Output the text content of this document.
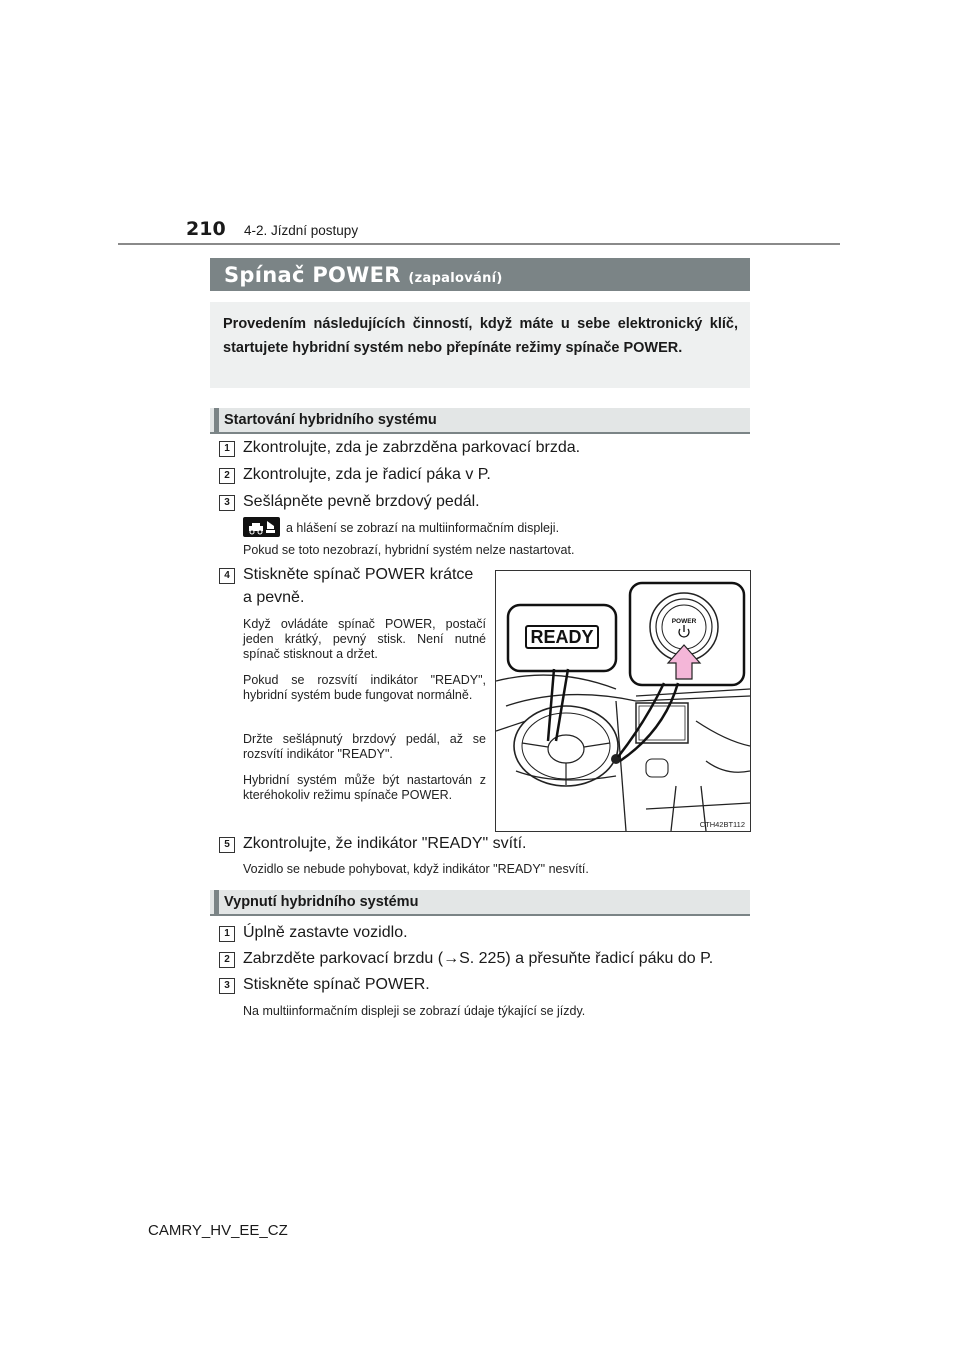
210 4-2. Jízdní postupy
Spínač POWER (zapalování)

Provedením následujících činností, když máte u sebe elektronický klíč, startujete hybridní systém nebo přepínáte režimy spínače POWER.

Startování hybridního systému
1 Zkontrolujte, zda je zabrzděna parkovací brzda.
2 Zkontrolujte, zda je řadicí páka v P.
3 Sešlápněte pevně brzdový pedál.
a hlášení se zobrazí na multiinformačním displeji.
Pokud se toto nezobrazí, hybridní systém nelze nastartovat.
4 Stiskněte spínač POWER krátce
a pevně.
Když ovládáte spínač POWER, postačí jeden krátký, pevný stisk. Není nutné spínač stisknout a držet.
Pokud se rozsvítí indikátor "READY", hybridní systém bude fungovat normálně.
Držte sešlápnutý brzdový pedál, až se rozsvítí indikátor "READY".
Hybridní systém může být nastartován z kteréhokoliv režimu spínače POWER.
READY
POWER
CTH42BT112
5 Zkontrolujte, že indikátor "READY" svítí.
Vozidlo se nebude pohybovat, když indikátor "READY" nesvítí.
Vypnutí hybridního systému
1 Úplně zastavte vozidlo.
2 Zabrzděte parkovací brzdu (→S. 225) a přesuňte řadicí páku do P.
3 Stiskněte spínač POWER.
Na multiinformačním displeji se zobrazí údaje týkající se jízdy.
CAMRY_HV_EE_CZ
